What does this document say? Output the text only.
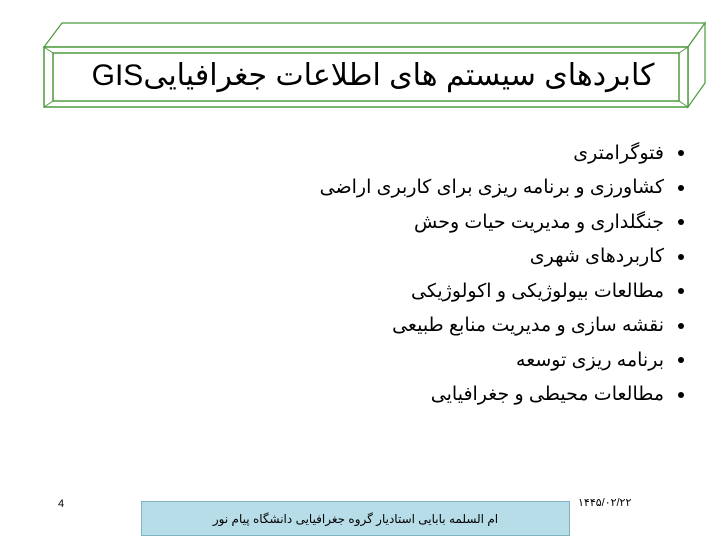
کابردهای سیستم های اطلاعات جغرافیاییGIS
فتوگرامتری
کشاورزی و برنامه ریزی برای کاربری اراضی
جنگلداری و مدیریت حیات وحش
کاربردهای شهری
مطالعات بیولوژیکی و اکولوژیکی
نقشه سازی و مدیریت منابع طبیعی
برنامه ریزی توسعه
مطالعات محیطی و جغرافیایی
4	۱۴۴۵/۰۲/۲۲
ام السلمه بابایی استادیار گروه جغرافیایی دانشگاه پیام نور
